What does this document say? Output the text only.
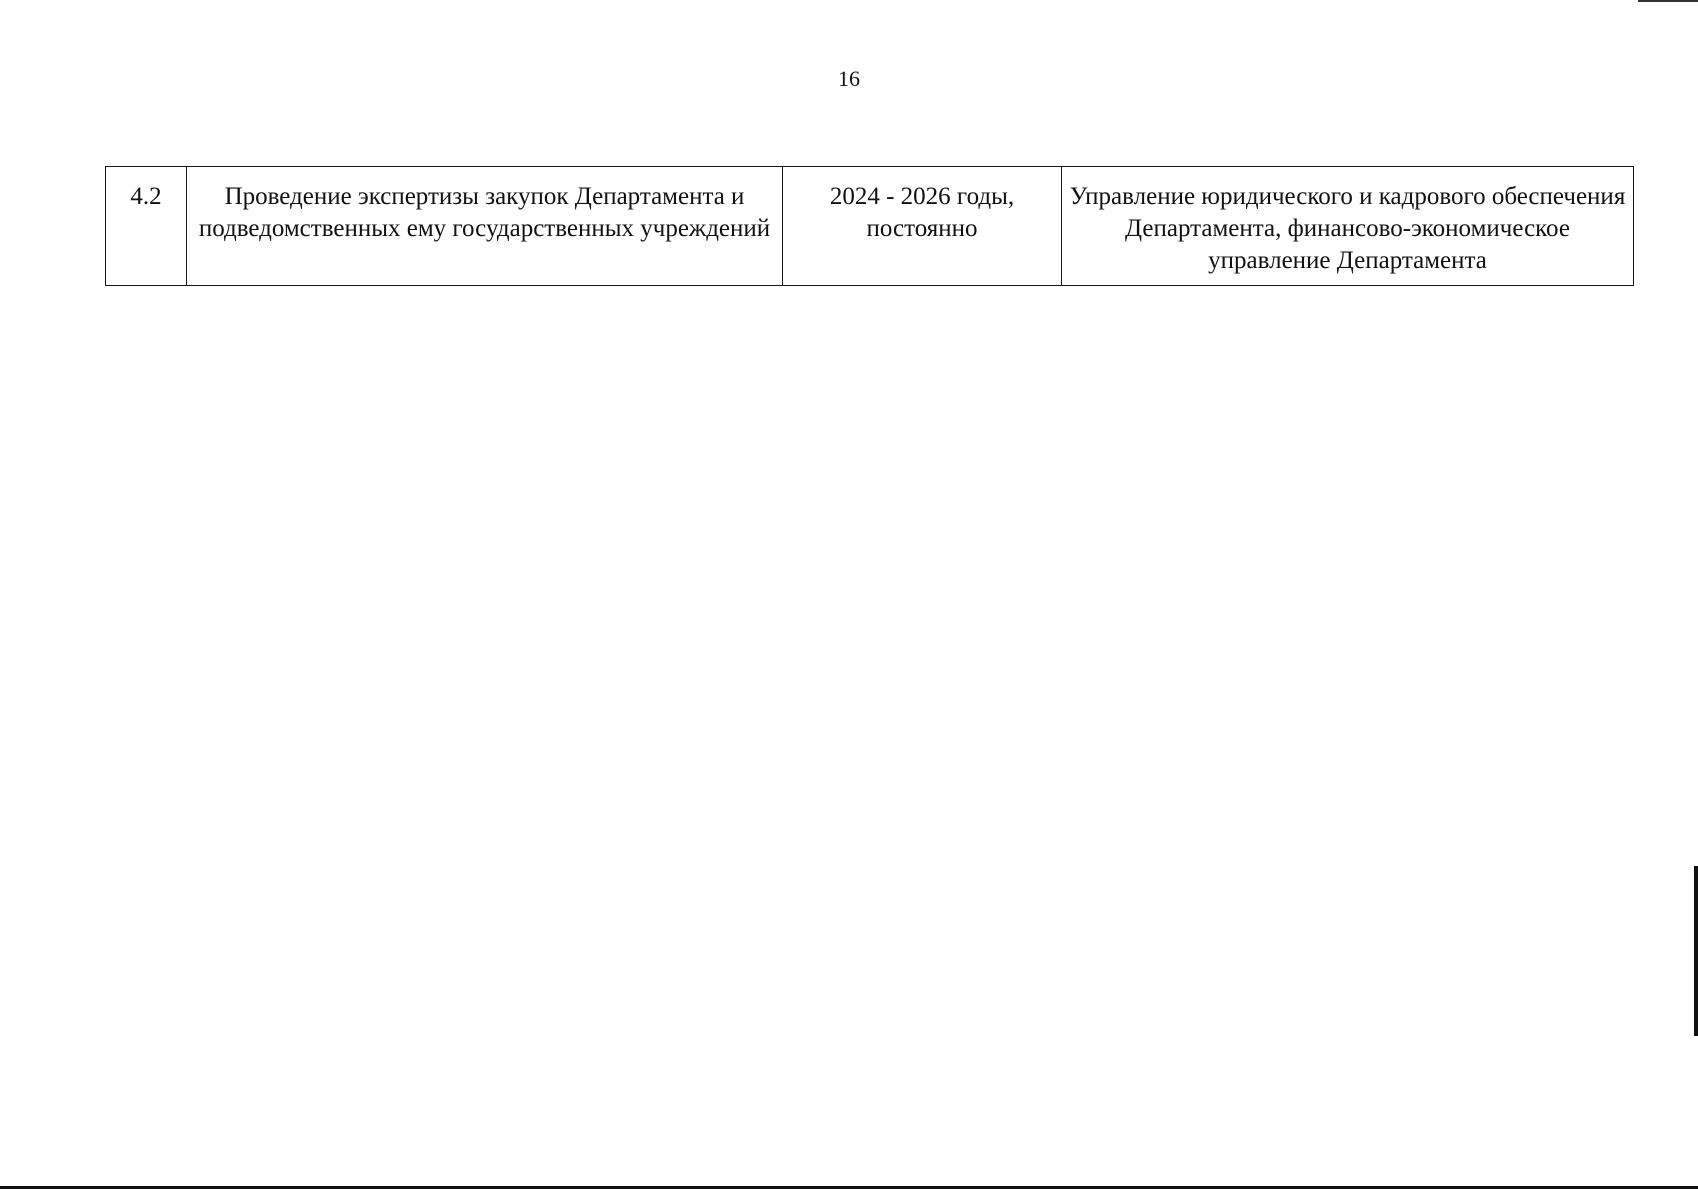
16
4.2	Проведение экспертизы закупок Департамента и подведомственных ему государственных учреждений	2024 - 2026 годы, постоянно	Управление юридического и кадрового обеспечения Департамента, финансово-экономическое управление Департамента
